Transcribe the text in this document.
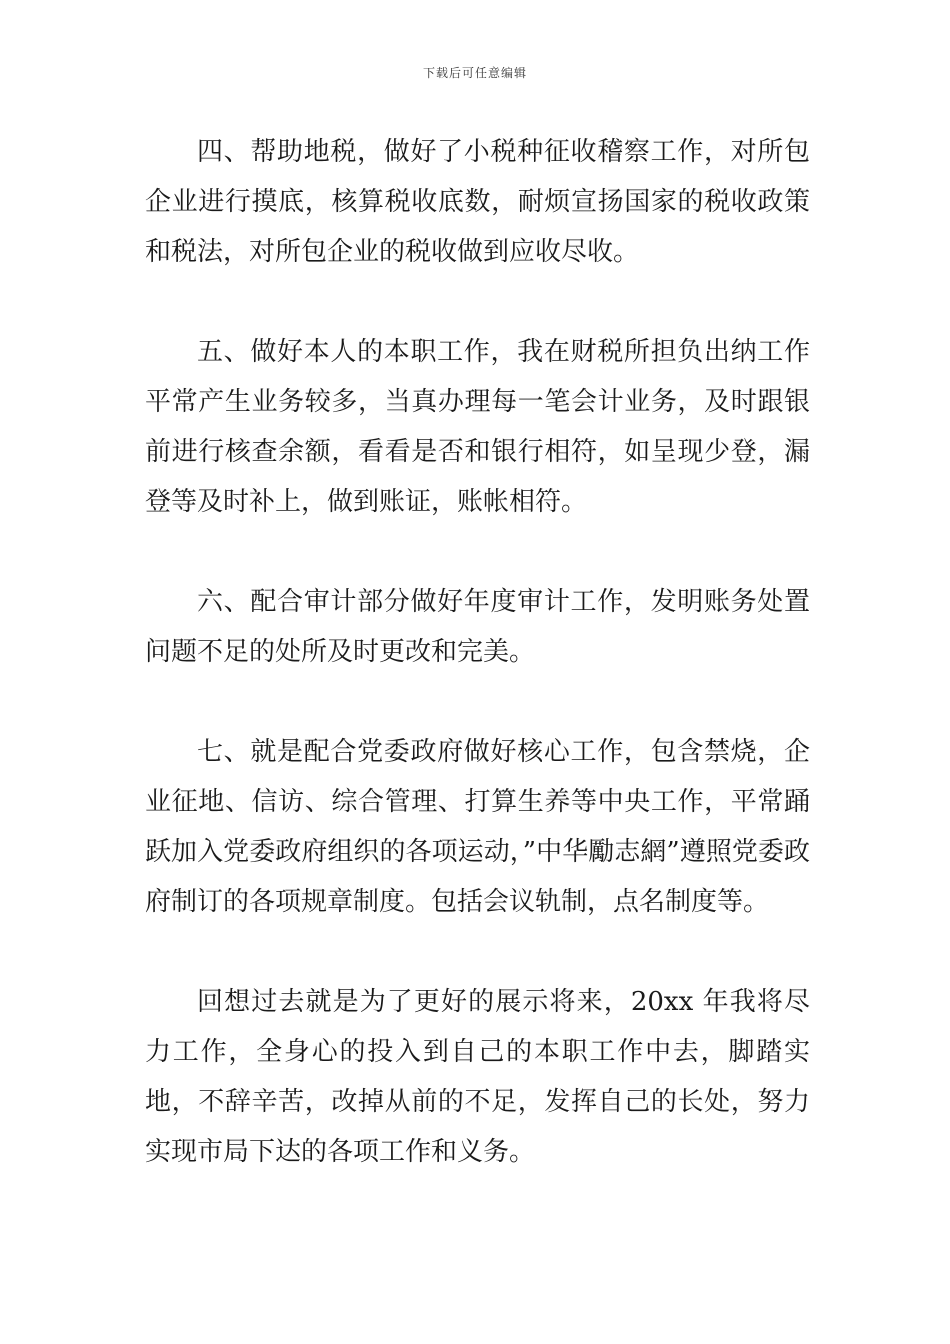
下载后可任意编辑

四、帮助地税，做好了小税种征收稽察工作，对所包企业进行摸底，核算税收底数，耐烦宣扬国家的税收政策和税法，对所包企业的税收做到应收尽收。

五、做好本人的本职工作，我在财税所担负出纳工作平常产生业务较多，当真办理每一笔会计业务，及时跟银前进行核查余额，看看是否和银行相符，如呈现少登，漏登等及时补上，做到账证，账帐相符。

六、配合审计部分做好年度审计工作，发明账务处置问题不足的处所及时更改和完美。

七、就是配合党委政府做好核心工作，包含禁烧，企业征地、信访、综合管理、打算生养等中央工作，平常踊跃加入党委政府组织的各项运动，”中华勵志網”遵照党委政府制订的各项规章制度。包括会议轨制，点名制度等。

回想过去就是为了更好的展示将来，20xx 年我将尽力工作，全身心的投入到自己的本职工作中去，脚踏实地，不辞辛苦，改掉从前的不足，发挥自己的长处，努力实现市局下达的各项工作和义务。
